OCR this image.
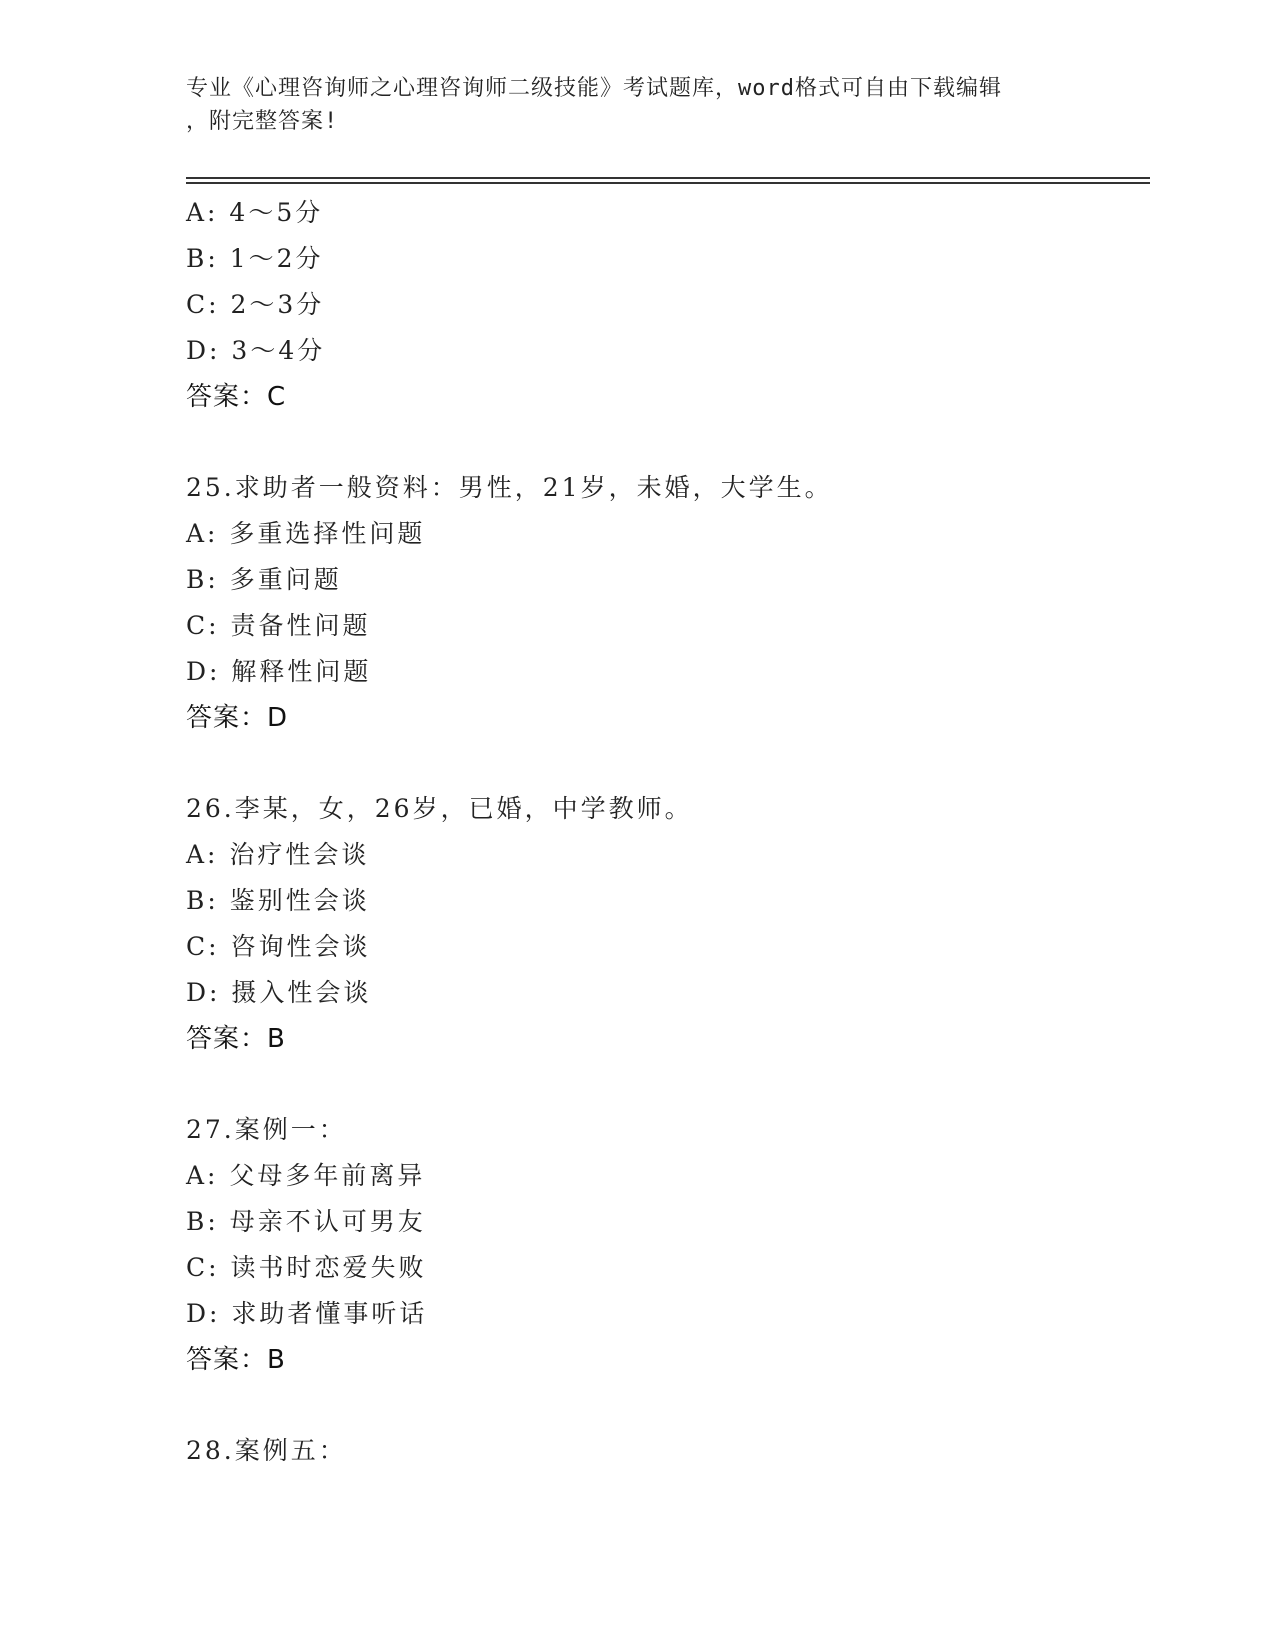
专业《心理咨询师之心理咨询师二级技能》考试题库，word格式可自由下载编辑
，附完整答案!
A: 4～5分
B: 1～2分
C: 2～3分
D: 3～4分
答案：C
25.求助者一般资料：男性，21岁，未婚，大学生。
A: 多重选择性问题
B: 多重问题
C: 责备性问题
D: 解释性问题
答案：D
26.李某，女，26岁，已婚，中学教师。
A: 治疗性会谈
B: 鉴别性会谈
C: 咨询性会谈
D: 摄入性会谈
答案：B
27.案例一：
A: 父母多年前离异
B: 母亲不认可男友
C: 读书时恋爱失败
D: 求助者懂事听话
答案：B
28.案例五：
